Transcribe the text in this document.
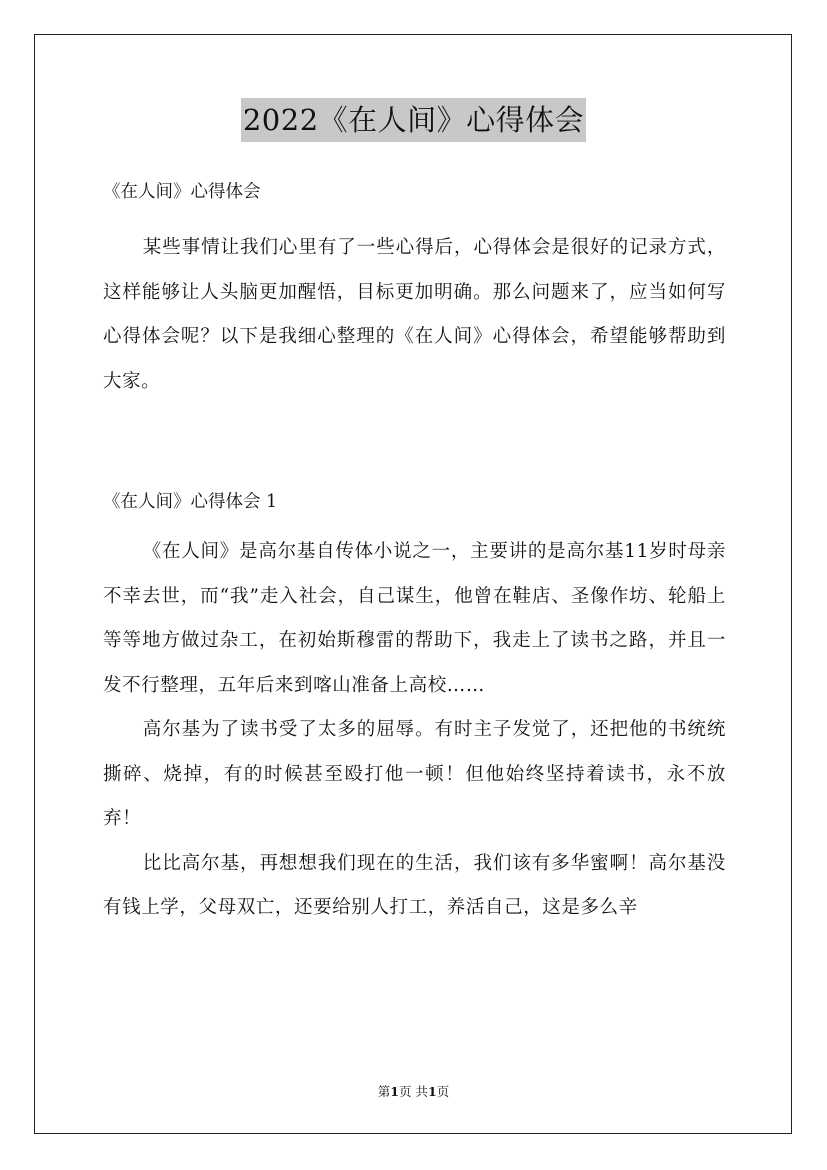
2022《在人间》心得体会

《在人间》心得体会

某些事情让我们心里有了一些心得后，心得体会是很好的记录方式，这样能够让人头脑更加醒悟，目标更加明确。那么问题来了，应当如何写心得体会呢？以下是我细心整理的《在人间》心得体会，希望能够帮助到大家。

《在人间》心得体会 1

《在人间》是高尔基自传体小说之一，主要讲的是高尔基11岁时母亲不幸去世，而“我”走入社会，自己谋生，他曾在鞋店、圣像作坊、轮船上等等地方做过杂工，在初始斯穆雷的帮助下，我走上了读书之路，并且一发不行整理，五年后来到喀山准备上高校……

高尔基为了读书受了太多的屈辱。有时主子发觉了，还把他的书统统撕碎、烧掉，有的时候甚至殴打他一顿！但他始终坚持着读书，永不放弃！

比比高尔基，再想想我们现在的生活，我们该有多华蜜啊！高尔基没有钱上学，父母双亡，还要给别人打工，养活自己，这是多么辛

第1页 共1页
